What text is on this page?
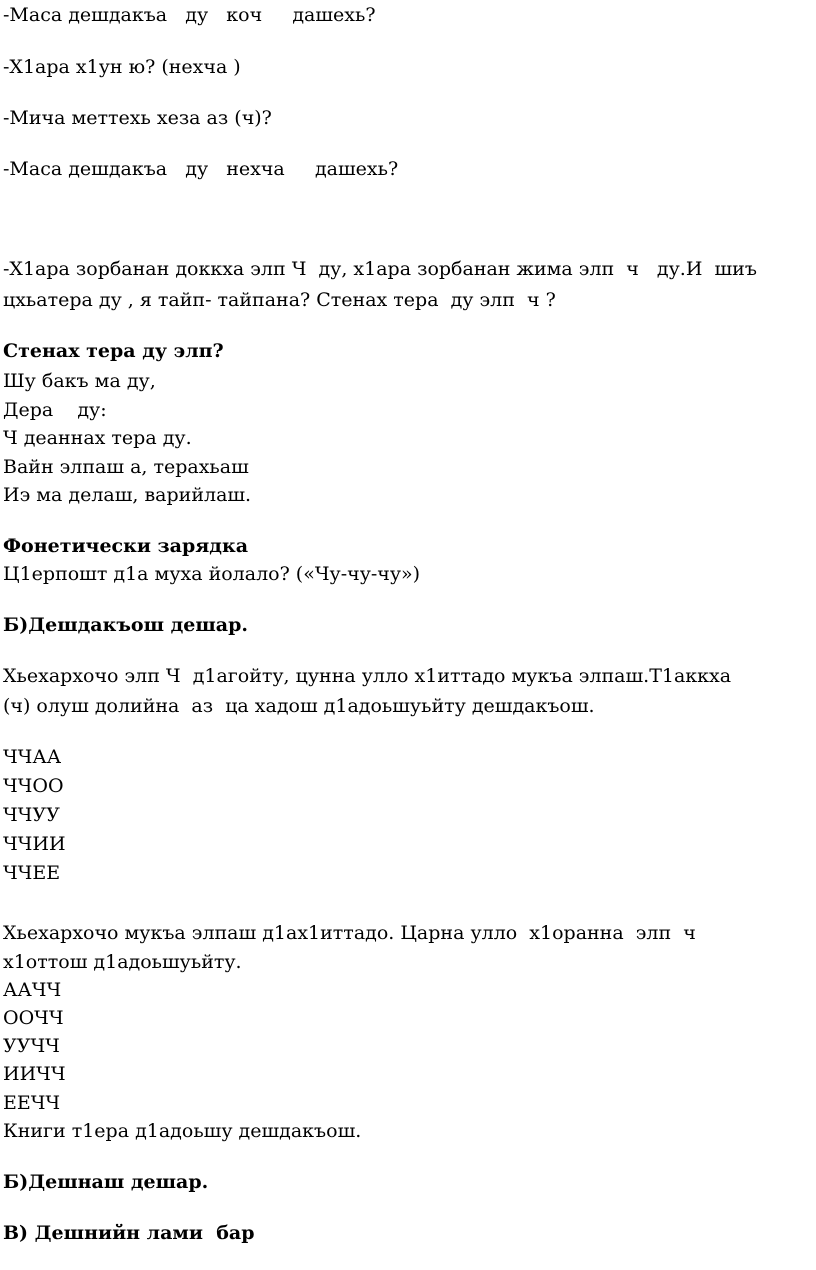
-Маса дешдакъа   ду   коч     дашехь?
-Х1ара х1ун ю? (нехча )
-Мича меттехь хеза аз (ч)?
-Маса дешдакъа   ду   нехча     дашехь?
-Х1ара зорбанан доккха элп Ч  ду, х1ара зорбанан жима элп  ч   ду.И  шиъ
цхьатера ду , я тайп- тайпана? Стенах тера  ду элп  ч ?
Стенах тера ду элп?
Шу бакъ ма ду,
Дера    ду:
Ч деаннах тера ду.
Вайн элпаш а, терахьаш
Иэ ма делаш, варийлаш.
Фонетически зарядка
Ц1ерпошт д1а муха йолало? («Чу-чу-чу»)
Б)Дешдакъош дешар.
Хьехархочо элп Ч  д1агойту, цунна улло х1иттадо мукъа элпаш.Т1аккха
(ч) олуш долийна  аз  ца хадош д1адоьшуьйту дешдакъош.
ЧЧАА
ЧЧОО
ЧЧУУ
ЧЧИИ
ЧЧЕЕ
Хьехархочо мукъа элпаш д1ах1иттадо. Царна улло  х1оранна  элп  ч
х1оттош д1адоьшуьйту.
ААЧЧ
ООЧЧ
УУЧЧ
ИИЧЧ
ЕЕЧЧ
Книги т1ера д1адоьшу дешдакъош.
Б)Дешнаш дешар.
В) Дешнийн лами  бар
